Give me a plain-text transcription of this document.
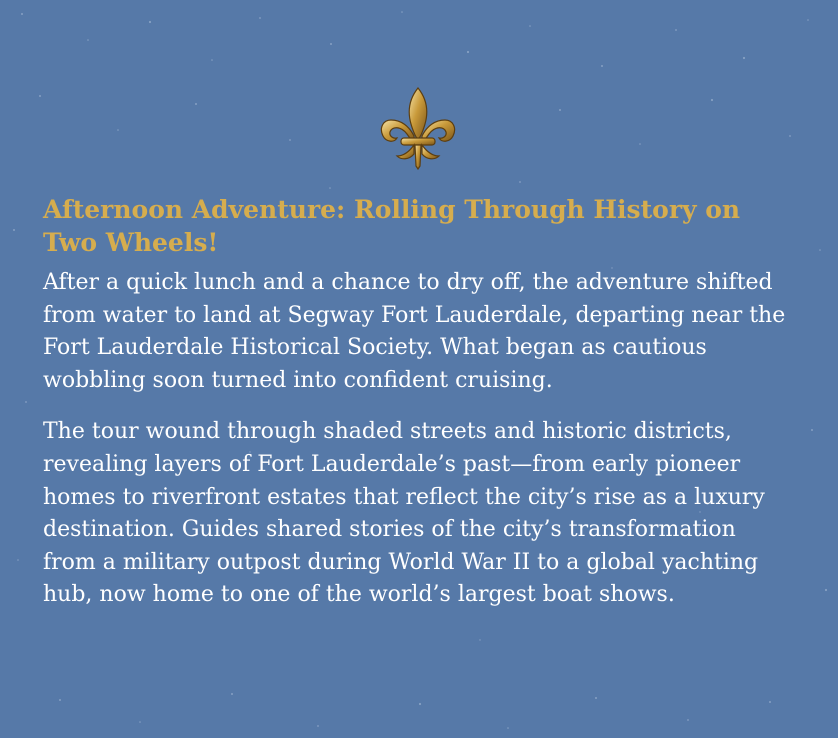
Afternoon Adventure: Rolling Through History on Two Wheels!

After a quick lunch and a chance to dry off, the adventure shifted from water to land at Segway Fort Lauderdale, departing near the Fort Lauderdale Historical Society. What began as cautious wobbling soon turned into confident cruising.

The tour wound through shaded streets and historic districts, revealing layers of Fort Lauderdale’s past—from early pioneer homes to riverfront estates that reflect the city’s rise as a luxury destination. Guides shared stories of the city’s transformation from a military outpost during World War II to a global yachting hub, now home to one of the world’s largest boat shows.
